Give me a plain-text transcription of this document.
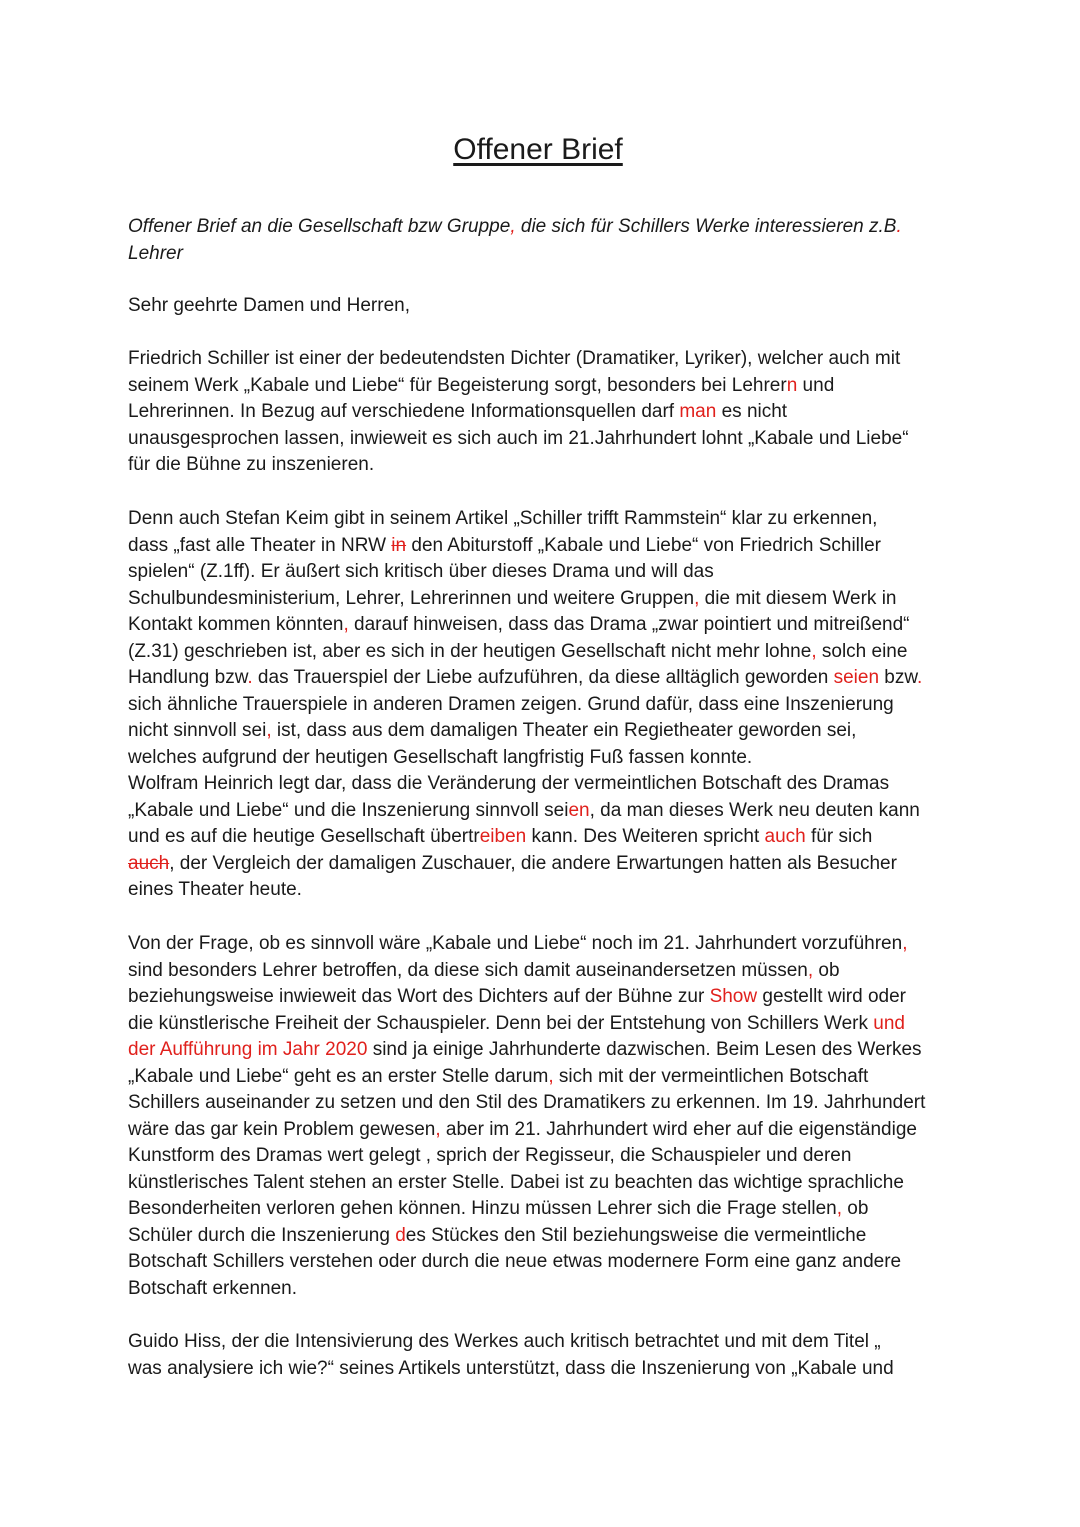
Offener Brief

Offener Brief an die Gesellschaft bzw Gruppe, die sich für Schillers Werke interessieren z.B.
Lehrer

Sehr geehrte Damen und Herren,

Friedrich Schiller ist einer der bedeutendsten Dichter (Dramatiker, Lyriker), welcher auch mit
seinem Werk „Kabale und Liebe“ für Begeisterung sorgt, besonders bei Lehrern und
Lehrerinnen. In Bezug auf verschiedene Informationsquellen darf man es nicht
unausgesprochen lassen, inwieweit es sich auch im 21.Jahrhundert lohnt „Kabale und Liebe“
für die Bühne zu inszenieren.

Denn auch Stefan Keim gibt in seinem Artikel „Schiller trifft Rammstein“ klar zu erkennen,
dass „fast alle Theater in NRW in den Abiturstoff „Kabale und Liebe“ von Friedrich Schiller
spielen“ (Z.1ff). Er äußert sich kritisch über dieses Drama und will das
Schulbundesministerium, Lehrer, Lehrerinnen und weitere Gruppen, die mit diesem Werk in
Kontakt kommen könnten, darauf hinweisen, dass das Drama „zwar pointiert und mitreißend“
(Z.31) geschrieben ist, aber es sich in der heutigen Gesellschaft nicht mehr lohne, solch eine
Handlung bzw. das Trauerspiel der Liebe aufzuführen, da diese alltäglich geworden seien bzw.
sich ähnliche Trauerspiele in anderen Dramen zeigen. Grund dafür, dass eine Inszenierung
nicht sinnvoll sei, ist, dass aus dem damaligen Theater ein Regietheater geworden sei,
welches aufgrund der heutigen Gesellschaft langfristig Fuß fassen konnte.
Wolfram Heinrich legt dar, dass die Veränderung der vermeintlichen Botschaft des Dramas
„Kabale und Liebe“ und die Inszenierung sinnvoll seien, da man dieses Werk neu deuten kann
und es auf die heutige Gesellschaft übertreiben kann. Des Weiteren spricht auch für sich
auch, der Vergleich der damaligen Zuschauer, die andere Erwartungen hatten als Besucher
eines Theater heute.

Von der Frage, ob es sinnvoll wäre „Kabale und Liebe“ noch im 21. Jahrhundert vorzuführen,
sind besonders Lehrer betroffen, da diese sich damit auseinandersetzen müssen, ob
beziehungsweise inwieweit das Wort des Dichters auf der Bühne zur Show gestellt wird oder
die künstlerische Freiheit der Schauspieler. Denn bei der Entstehung von Schillers Werk und
der Aufführung im Jahr 2020 sind ja einige Jahrhunderte dazwischen. Beim Lesen des Werkes
„Kabale und Liebe“ geht es an erster Stelle darum, sich mit der vermeintlichen Botschaft
Schillers auseinander zu setzen und den Stil des Dramatikers zu erkennen. Im 19. Jahrhundert
wäre das gar kein Problem gewesen, aber im 21. Jahrhundert wird eher auf die eigenständige
Kunstform des Dramas wert gelegt , sprich der Regisseur, die Schauspieler und deren
künstlerisches Talent stehen an erster Stelle. Dabei ist zu beachten das wichtige sprachliche
Besonderheiten verloren gehen können. Hinzu müssen Lehrer sich die Frage stellen, ob
Schüler durch die Inszenierung des Stückes den Stil beziehungsweise die vermeintliche
Botschaft Schillers verstehen oder durch die neue etwas modernere Form eine ganz andere
Botschaft erkennen.

Guido Hiss, der die Intensivierung des Werkes auch kritisch betrachtet und mit dem Titel „
was analysiere ich wie?“ seines Artikels unterstützt, dass die Inszenierung von „Kabale und
